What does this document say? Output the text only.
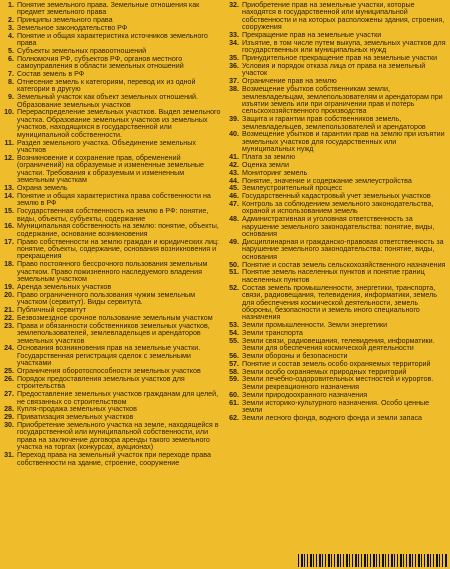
1. Понятие земельного права. Земельные отношения как предмет земельного права
2. Принципы земельного права
3. Земельное законодательство РФ
4. Понятие и общая характеристика источников земельного права
5. Субъекты земельных правоотношений
6. Полномочия РФ, субъектов РФ, органов местного самоуправления в области земельных отношений
7. Состав земель в РФ
8. Отнесение земель к категориям, перевод их из одной категории в другую
9. Земельный участок как объект земельных отношений. Образование земельных участков
10. Перераспределение земельных участков. Выдел земельного участка. Образование земельных участков из земельных участков, находящихся в государственной или муниципальной собственности.
11. Раздел земельного участка. Объединение земельных участков
12. Возникновение и сохранение прав, обременений (ограничений) на образуемые и измененные земельные участки. Требования к образуемым и измененным земельным участкам
13. Охрана земель
14. Понятие и общая характеристика права собственности на землю в РФ
15. Государственная собственность на землю в РФ: понятие, виды, объекты, субъекты, содержание
16. Муниципальная собственность на землю: понятие, объекты, содержание, основание возникновения
17. Право собственности на землю граждан и юридических лиц: понятие, объекты, содержание, основания возникновения и прекращения
18. Право постоянного бессрочного пользования земельным участком. Право пожизненного наследуемого владения земельным участком
19. Аренда земельных участков
20. Право ограниченного пользования чужим земельным участком (сервитут). Виды сервитута.
21. Публичный сервитут
22. Безвозмездное срочное пользование земельным участком
23. Права и обязанности собственников земельных участков, землепользователей, землевладельцев и арендаторов земельных участков
24. Основания возникновения прав на земельные участки. Государственная регистрация сделок с земельными участками
25. Ограничения оборотоспособности земельных участков
26. Порядок предоставления земельных участков для строительства
27. Предоставление земельных участков гражданам для целей, не связанных со строительством
28. Купля-продажа земельных участков
29. Приватизация земельных участков
30. Приобретение земельного участка на земле, находящейся в государственной или муниципальной собственности, или права на заключение договора аренды такого земельного участка на торгах (конкурсах, аукционах)
31. Переход права на земельный участок при переходе права собственности на здание, строение, сооружение
32. Приобретение прав на земельные участки, которые находятся в государственной или муниципальной собственности и на которых расположены здания, строения, сооружения
33. Прекращение прав на земельные участки
34. Изъятие, в том числе путем выкупа, земельных участков для государственных или муниципальных нужд
35. Принудительное прекращение прав на земельные участки
36. Условия и порядок отказа лица от права на земельный участок
37. Ограничение прав на землю
38. Возмещение убытков собственникам земли, землевладельцам, землепользователям и арендаторам при изъятии земель или при ограничении прав и потерь сельскохозяйственного производства
39. Защита и гарантии прав собственников земель, землевладельцев, землепользователей и арендаторов
40. Возмещение убытков и гарантии прав на землю при изъятии земельных участков для государственных или муниципальных нужд
41. Плата за землю
42. Оценка земли
43. Мониторинг земель
44. Понятие, значение и содержание землеустройства
45. Землеустроительный процесс
46. Государственный кадастровый учет земельных участков
47. Контроль за соблюдением земельного законодательства, охраной и использованием земель
48. Административная и уголовная ответственность за нарушение земельного законодательства: понятие, виды, основания
49. Дисциплинарная и гражданско-правовая ответственность за нарушение земельного законодательства: понятие, виды, основания
50. Понятие и состав земель сельскохозяйственного назначения
51. Понятие земель населенных пунктов и понятие границ населенных пунктов
52. Состав земель промышленности, энергетики, транспорта, связи, радиовещания, телевидения, информатики, земель для обеспечения космической деятельности, земель обороны, безопасности и земель иного специального назначения
53. Земли промышленности. Земли энергетики
54. Земли транспорта
55. Земли связи, радиовещания, телевидения, информатики. Земли для обеспечения космической деятельности
56. Земли обороны и безопасности
57. Понятие и состав земель особо охраняемых территорий
58. Земли особо охраняемых природных территорий
59. Земли лечебно-оздоровительных местностей и курортов. Земли рекреационного назначения
60. Земли природоохранного назначения
61. Земли историко-культурного назначения. Особо ценные земли
62. Земли лесного фонда, водного фонда и земли запаса
